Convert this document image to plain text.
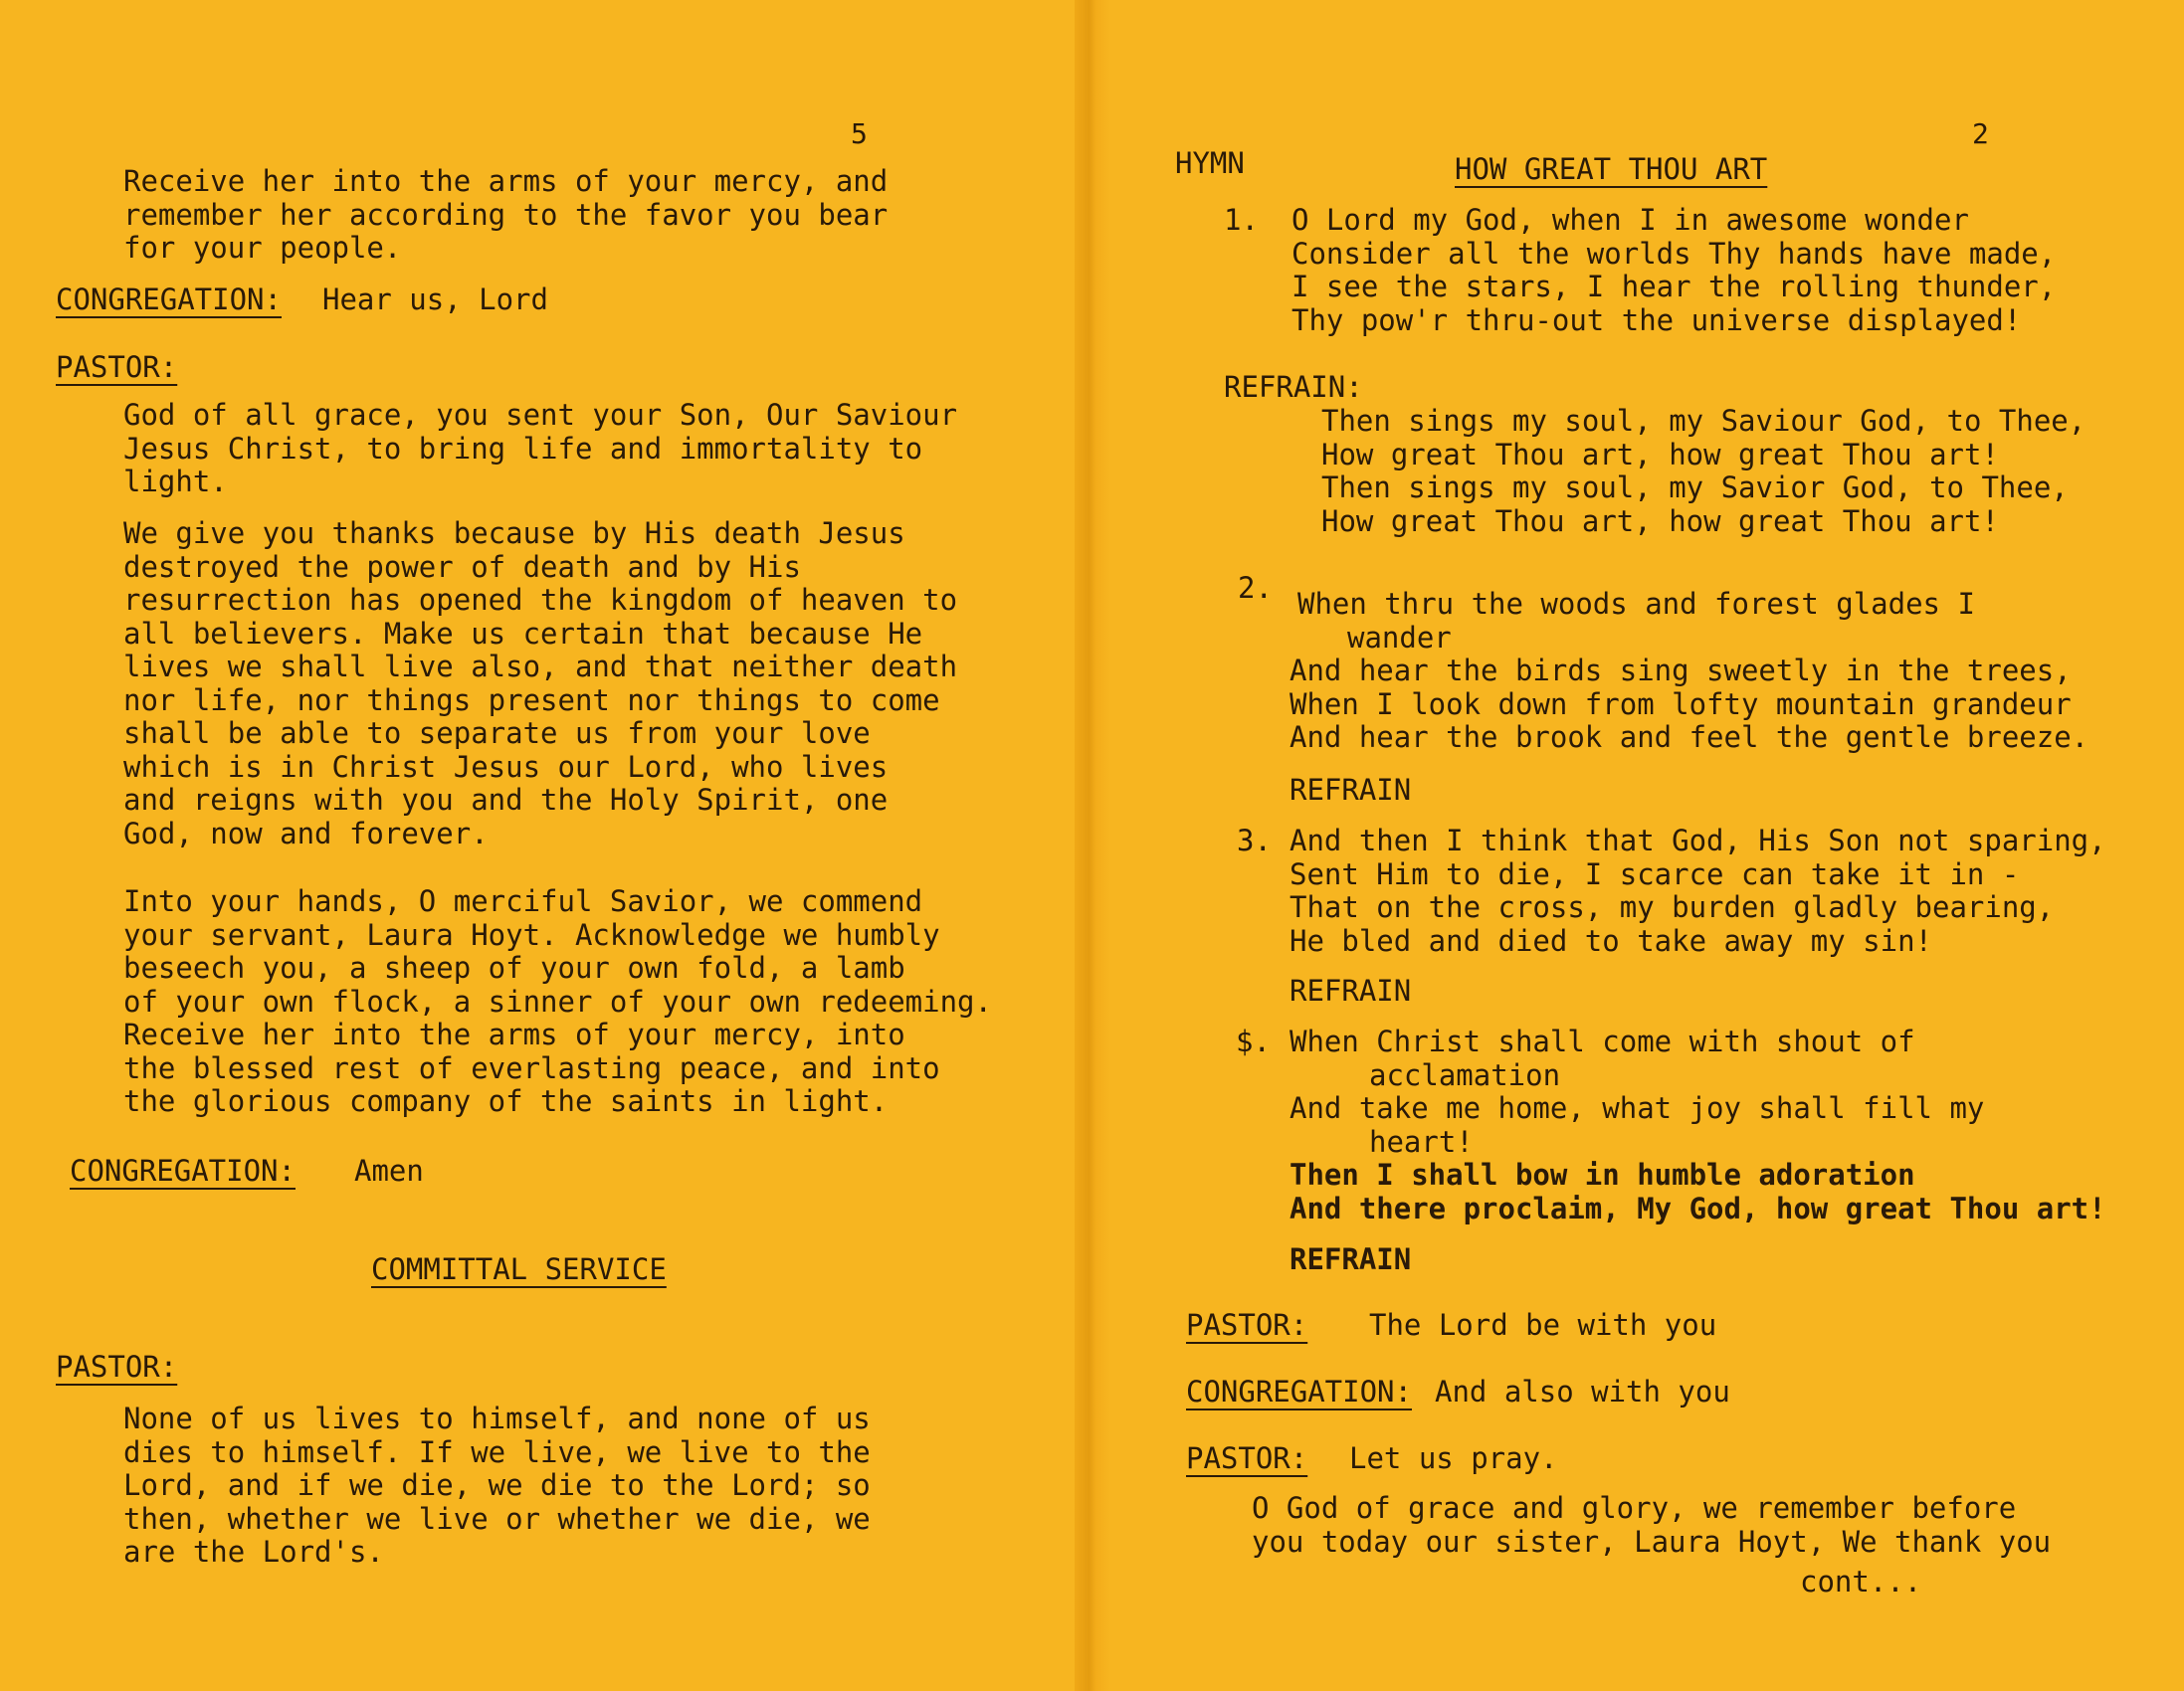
5
Receive her into the arms of your mercy, and
remember her according to the favor you bear
for your people.
CONGREGATION: Hear us, Lord
PASTOR:
God of all grace, you sent your Son, Our Saviour
Jesus Christ, to bring life and immortality to
light.
We give you thanks because by His death Jesus
destroyed the power of death and by His
resurrection has opened the kingdom of heaven to
all believers. Make us certain that because He
lives we shall live also, and that neither death
nor life, nor things present nor things to come
shall be able to separate us from your love
which is in Christ Jesus our Lord, who lives
and reigns with you and the Holy Spirit, one
God, now and forever.
Into your hands, O merciful Savior, we commend
your servant, Laura Hoyt. Acknowledge we humbly
beseech you, a sheep of your own fold, a lamb
of your own flock, a sinner of your own redeeming.
Receive her into the arms of your mercy, into
the blessed rest of everlasting peace, and into
the glorious company of the saints in light.
CONGREGATION: Amen
COMMITTAL SERVICE
PASTOR:
None of us lives to himself, and none of us
dies to himself. If we live, we live to the
Lord, and if we die, we die to the Lord; so
then, whether we live or whether we die, we
are the Lord's.
2
HYMN	HOW GREAT THOU ART
1. O Lord my God, when I in awesome wonder
Consider all the worlds Thy hands have made,
I see the stars, I hear the rolling thunder,
Thy pow'r thru-out the universe displayed!
REFRAIN:
Then sings my soul, my Saviour God, to Thee,
How great Thou art, how great Thou art!
Then sings my soul, my Savior God, to Thee,
How great Thou art, how great Thou art!
2. When thru the woods and forest glades I
wander
And hear the birds sing sweetly in the trees,
When I look down from lofty mountain grandeur
And hear the brook and feel the gentle breeze.
REFRAIN
3. And then I think that God, His Son not sparing,
Sent Him to die, I scarce can take it in -
That on the cross, my burden gladly bearing,
He bled and died to take away my sin!
REFRAIN
$. When Christ shall come with shout of
acclamation
And take me home, what joy shall fill my
heart!
Then I shall bow in humble adoration
And there proclaim, My God, how great Thou art!
REFRAIN
PASTOR: The Lord be with you
CONGREGATION: And also with you
PASTOR: Let us pray.
O God of grace and glory, we remember before
you today our sister, Laura Hoyt, We thank you
cont...
